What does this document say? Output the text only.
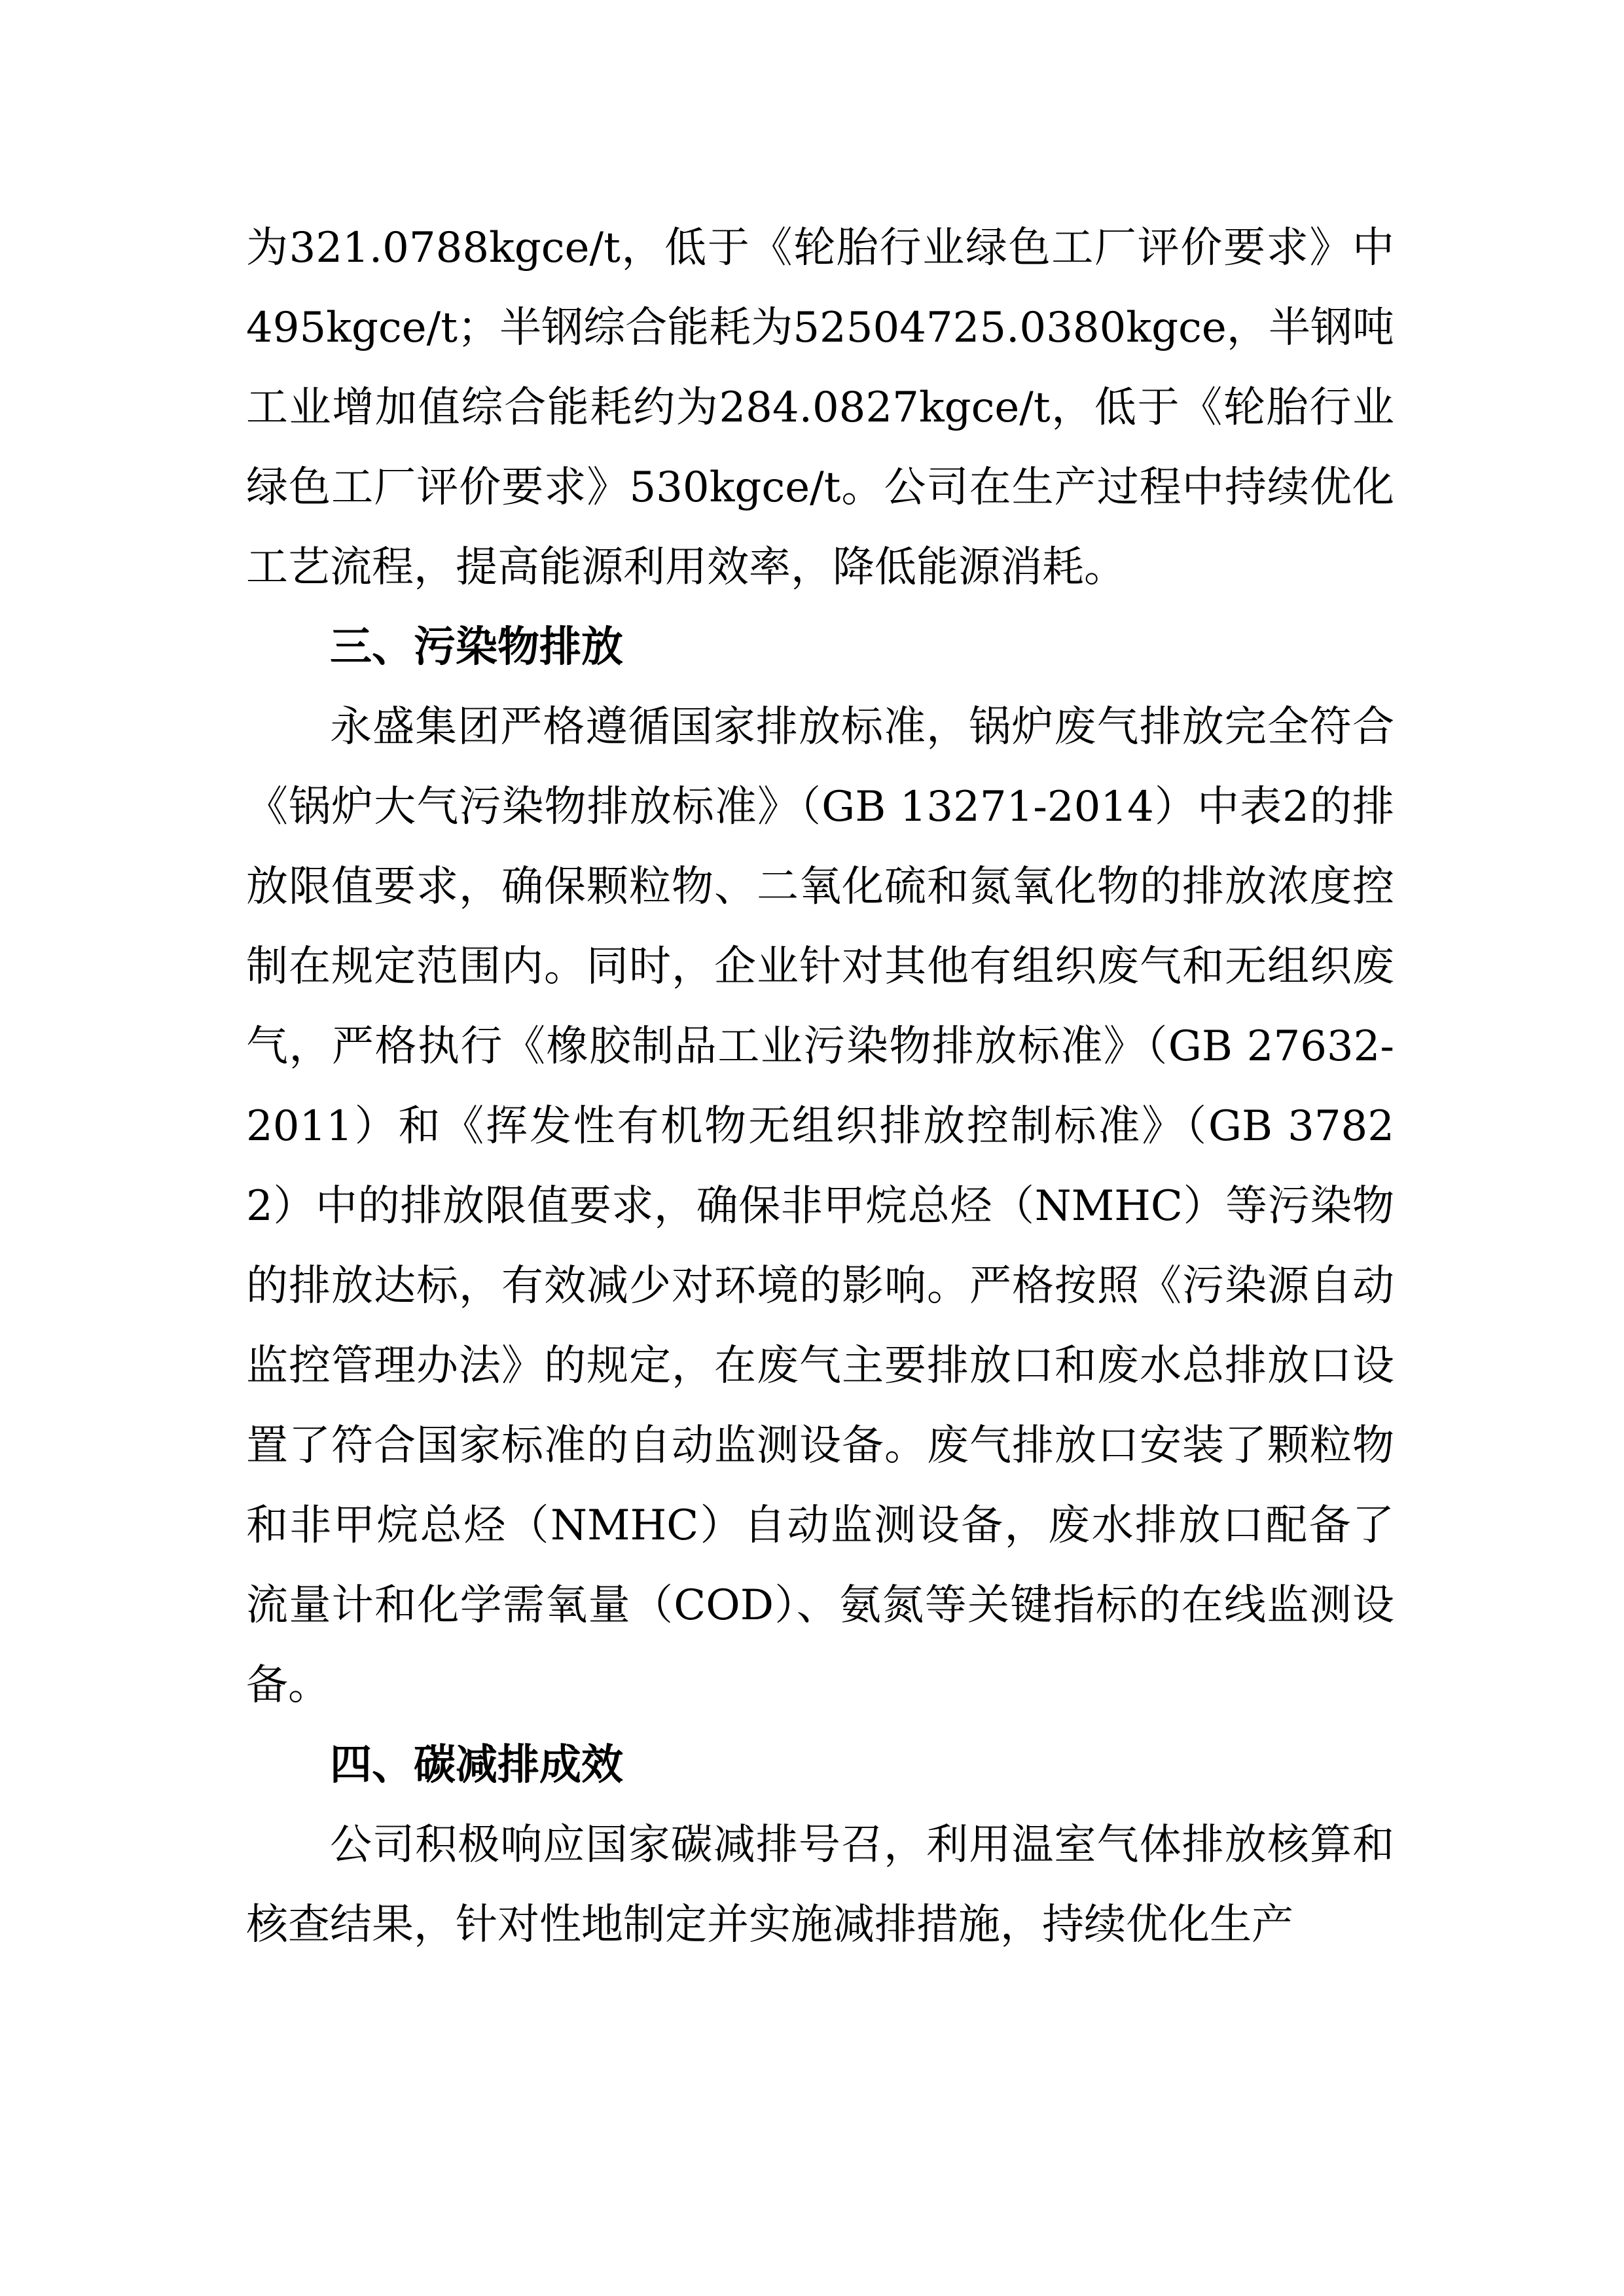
为321.0788kgce/t，低于《轮胎行业绿色工厂评价要求》中495kgce/t；半钢综合能耗为52504725.0380kgce，半钢吨工业增加值综合能耗约为284.0827kgce/t，低于《轮胎行业绿色工厂评价要求》530kgce/t。公司在生产过程中持续优化工艺流程，提高能源利用效率，降低能源消耗。

三、污染物排放

永盛集团严格遵循国家排放标准，锅炉废气排放完全符合《锅炉大气污染物排放标准》（GB 13271-2014）中表2的排放限值要求，确保颗粒物、二氧化硫和氮氧化物的排放浓度控制在规定范围内。同时，企业针对其他有组织废气和无组织废气，严格执行《橡胶制品工业污染物排放标准》（GB 27632-2011）和《挥发性有机物无组织排放控制标准》（GB 37822）中的排放限值要求，确保非甲烷总烃（NMHC）等污染物的排放达标，有效减少对环境的影响。严格按照《污染源自动监控管理办法》的规定，在废气主要排放口和废水总排放口设置了符合国家标准的自动监测设备。废气排放口安装了颗粒物和非甲烷总烃（NMHC）自动监测设备，废水排放口配备了流量计和化学需氧量（COD）、氨氮等关键指标的在线监测设备。

四、碳减排成效

公司积极响应国家碳减排号召，利用温室气体排放核算和核查结果，针对性地制定并实施减排措施，持续优化生产
